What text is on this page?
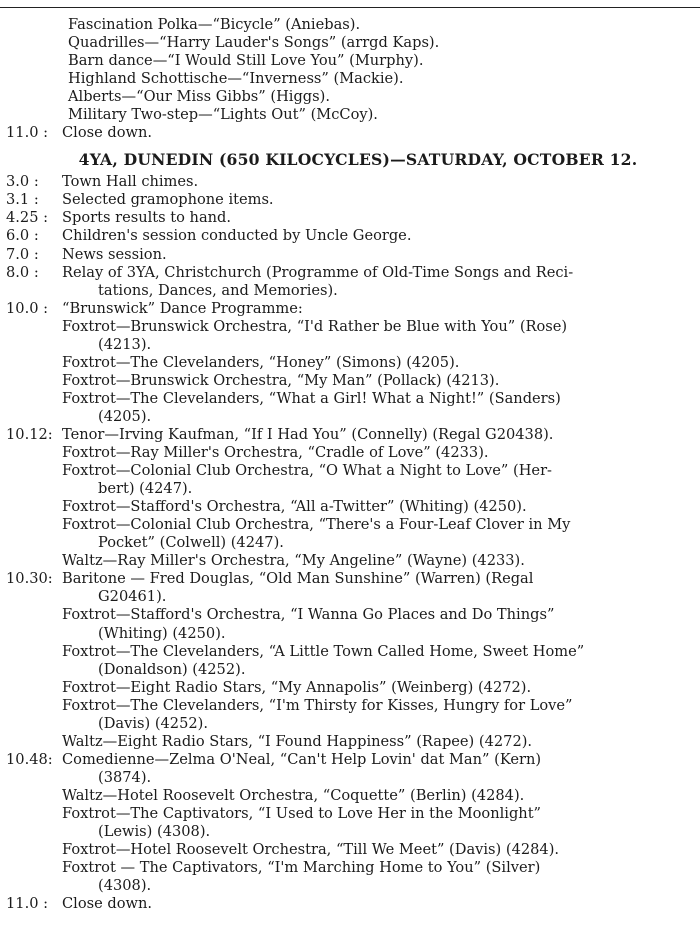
Fascination Polka—“Bicycle” (Aniebas).
Quadrilles—“Harry Lauder's Songs” (arrgd Kaps).
Barn dance—“I Would Still Love You” (Murphy).
Highland Schottische—“Inverness” (Mackie).
Alberts—“Our Miss Gibbs” (Higgs).
Military Two-step—“Lights Out” (McCoy).
11.0 : Close down.
4YA, DUNEDIN (650 KILOCYCLES)—SATURDAY, OCTOBER 12.
3.0 : Town Hall chimes.
3.1 : Selected gramophone items.
4.25 : Sports results to hand.
6.0 : Children's session conducted by Uncle George.
7.0 : News session.
8.0 : Relay of 3YA, Christchurch (Programme of Old-Time Songs and Reci-
tations, Dances, and Memories).
10.0 : “Brunswick” Dance Programme:
Foxtrot—Brunswick Orchestra, “I'd Rather be Blue with You” (Rose)
(4213).
Foxtrot—The Clevelanders, “Honey” (Simons) (4205).
Foxtrot—Brunswick Orchestra, “My Man” (Pollack) (4213).
Foxtrot—The Clevelanders, “What a Girl! What a Night!” (Sanders)
(4205).
10.12: Tenor—Irving Kaufman, “If I Had You” (Connelly) (Regal G20438).
Foxtrot—Ray Miller's Orchestra, “Cradle of Love” (4233).
Foxtrot—Colonial Club Orchestra, “O What a Night to Love” (Her-
bert) (4247).
Foxtrot—Stafford's Orchestra, “All a-Twitter” (Whiting) (4250).
Foxtrot—Colonial Club Orchestra, “There's a Four-Leaf Clover in My
Pocket” (Colwell) (4247).
Waltz—Ray Miller's Orchestra, “My Angeline” (Wayne) (4233).
10.30: Baritone — Fred Douglas, “Old Man Sunshine” (Warren) (Regal
G20461).
Foxtrot—Stafford's Orchestra, “I Wanna Go Places and Do Things”
(Whiting) (4250).
Foxtrot—The Clevelanders, “A Little Town Called Home, Sweet Home”
(Donaldson) (4252).
Foxtrot—Eight Radio Stars, “My Annapolis” (Weinberg) (4272).
Foxtrot—The Clevelanders, “I'm Thirsty for Kisses, Hungry for Love”
(Davis) (4252).
Waltz—Eight Radio Stars, “I Found Happiness” (Rapee) (4272).
10.48: Comedienne—Zelma O'Neal, “Can't Help Lovin' dat Man” (Kern)
(3874).
Waltz—Hotel Roosevelt Orchestra, “Coquette” (Berlin) (4284).
Foxtrot—The Captivators, “I Used to Love Her in the Moonlight”
(Lewis) (4308).
Foxtrot—Hotel Roosevelt Orchestra, “Till We Meet” (Davis) (4284).
Foxtrot — The Captivators, “I'm Marching Home to You” (Silver)
(4308).
11.0 : Close down.
